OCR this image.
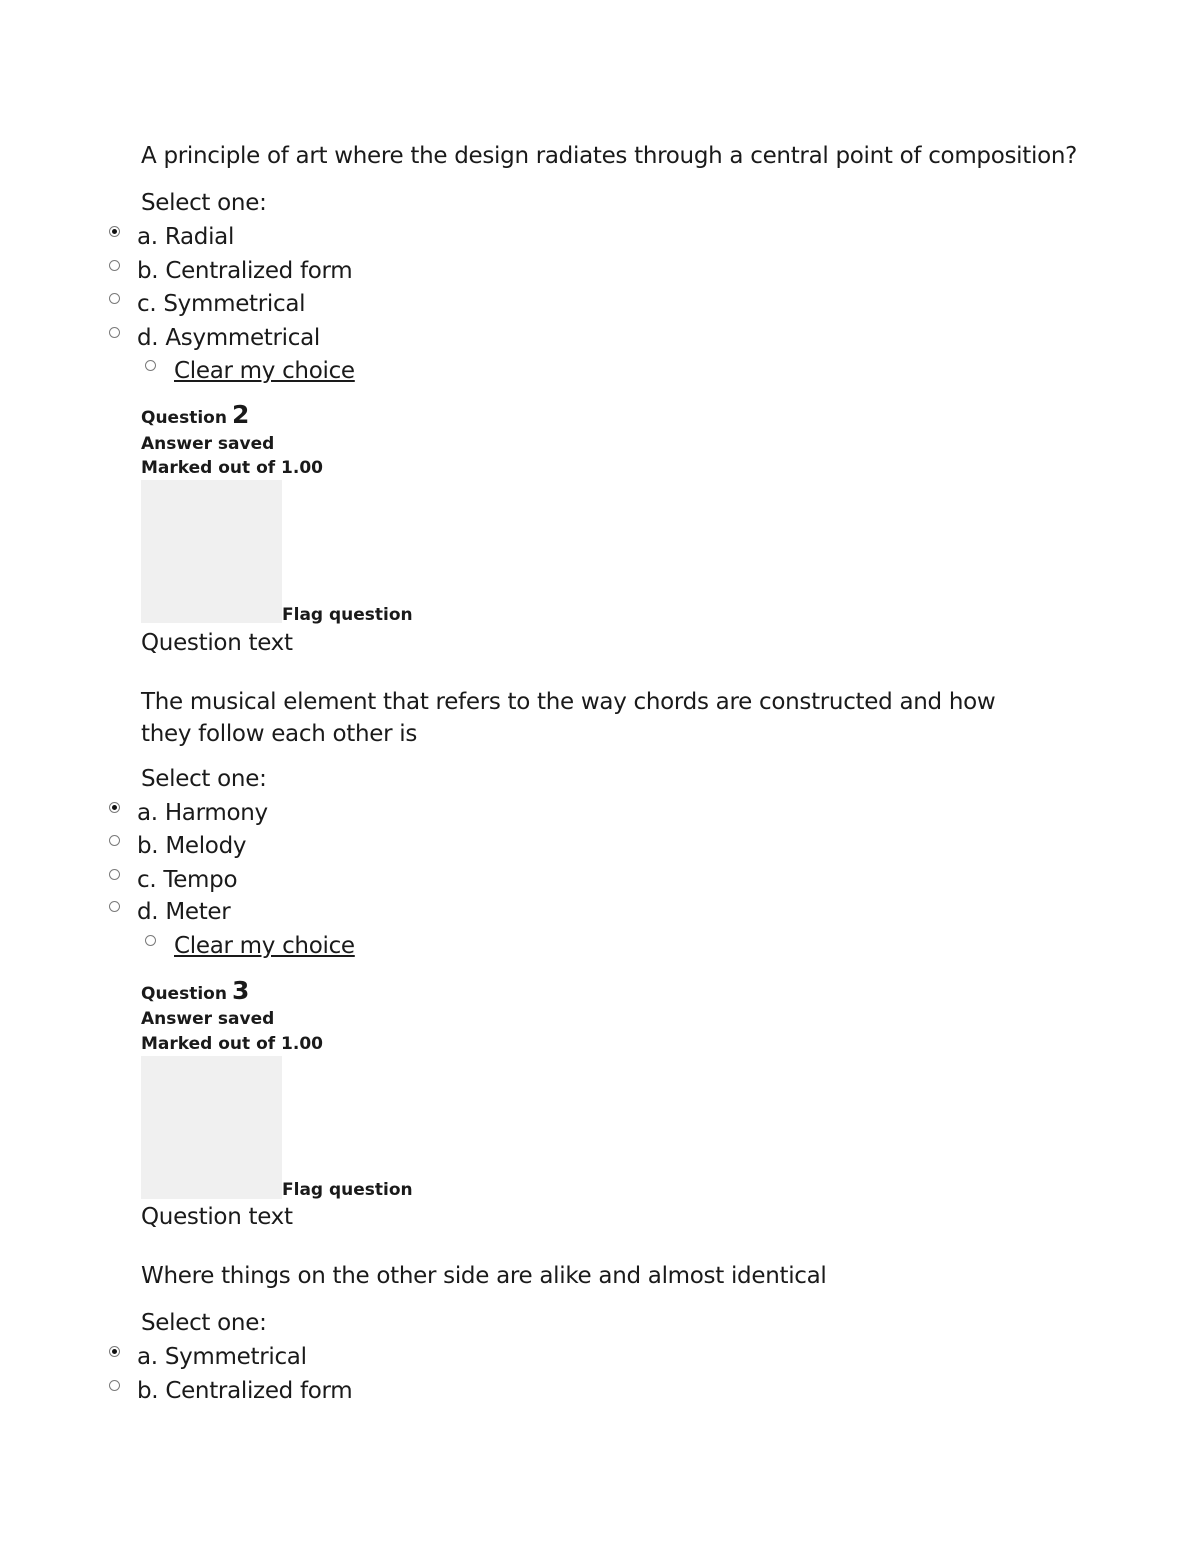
A principle of art where the design radiates through a central point of composition?
Select one:
a. Radial
b. Centralized form
c. Symmetrical
d. Asymmetrical
Clear my choice
Question 2
Answer saved
Marked out of 1.00
Flag question
Question text
The musical element that refers to the way chords are constructed and how they follow each other is
Select one:
a. Harmony
b. Melody
c. Tempo
d. Meter
Clear my choice
Question 3
Answer saved
Marked out of 1.00
Flag question
Question text
Where things on the other side are alike and almost identical
Select one:
a. Symmetrical
b. Centralized form
